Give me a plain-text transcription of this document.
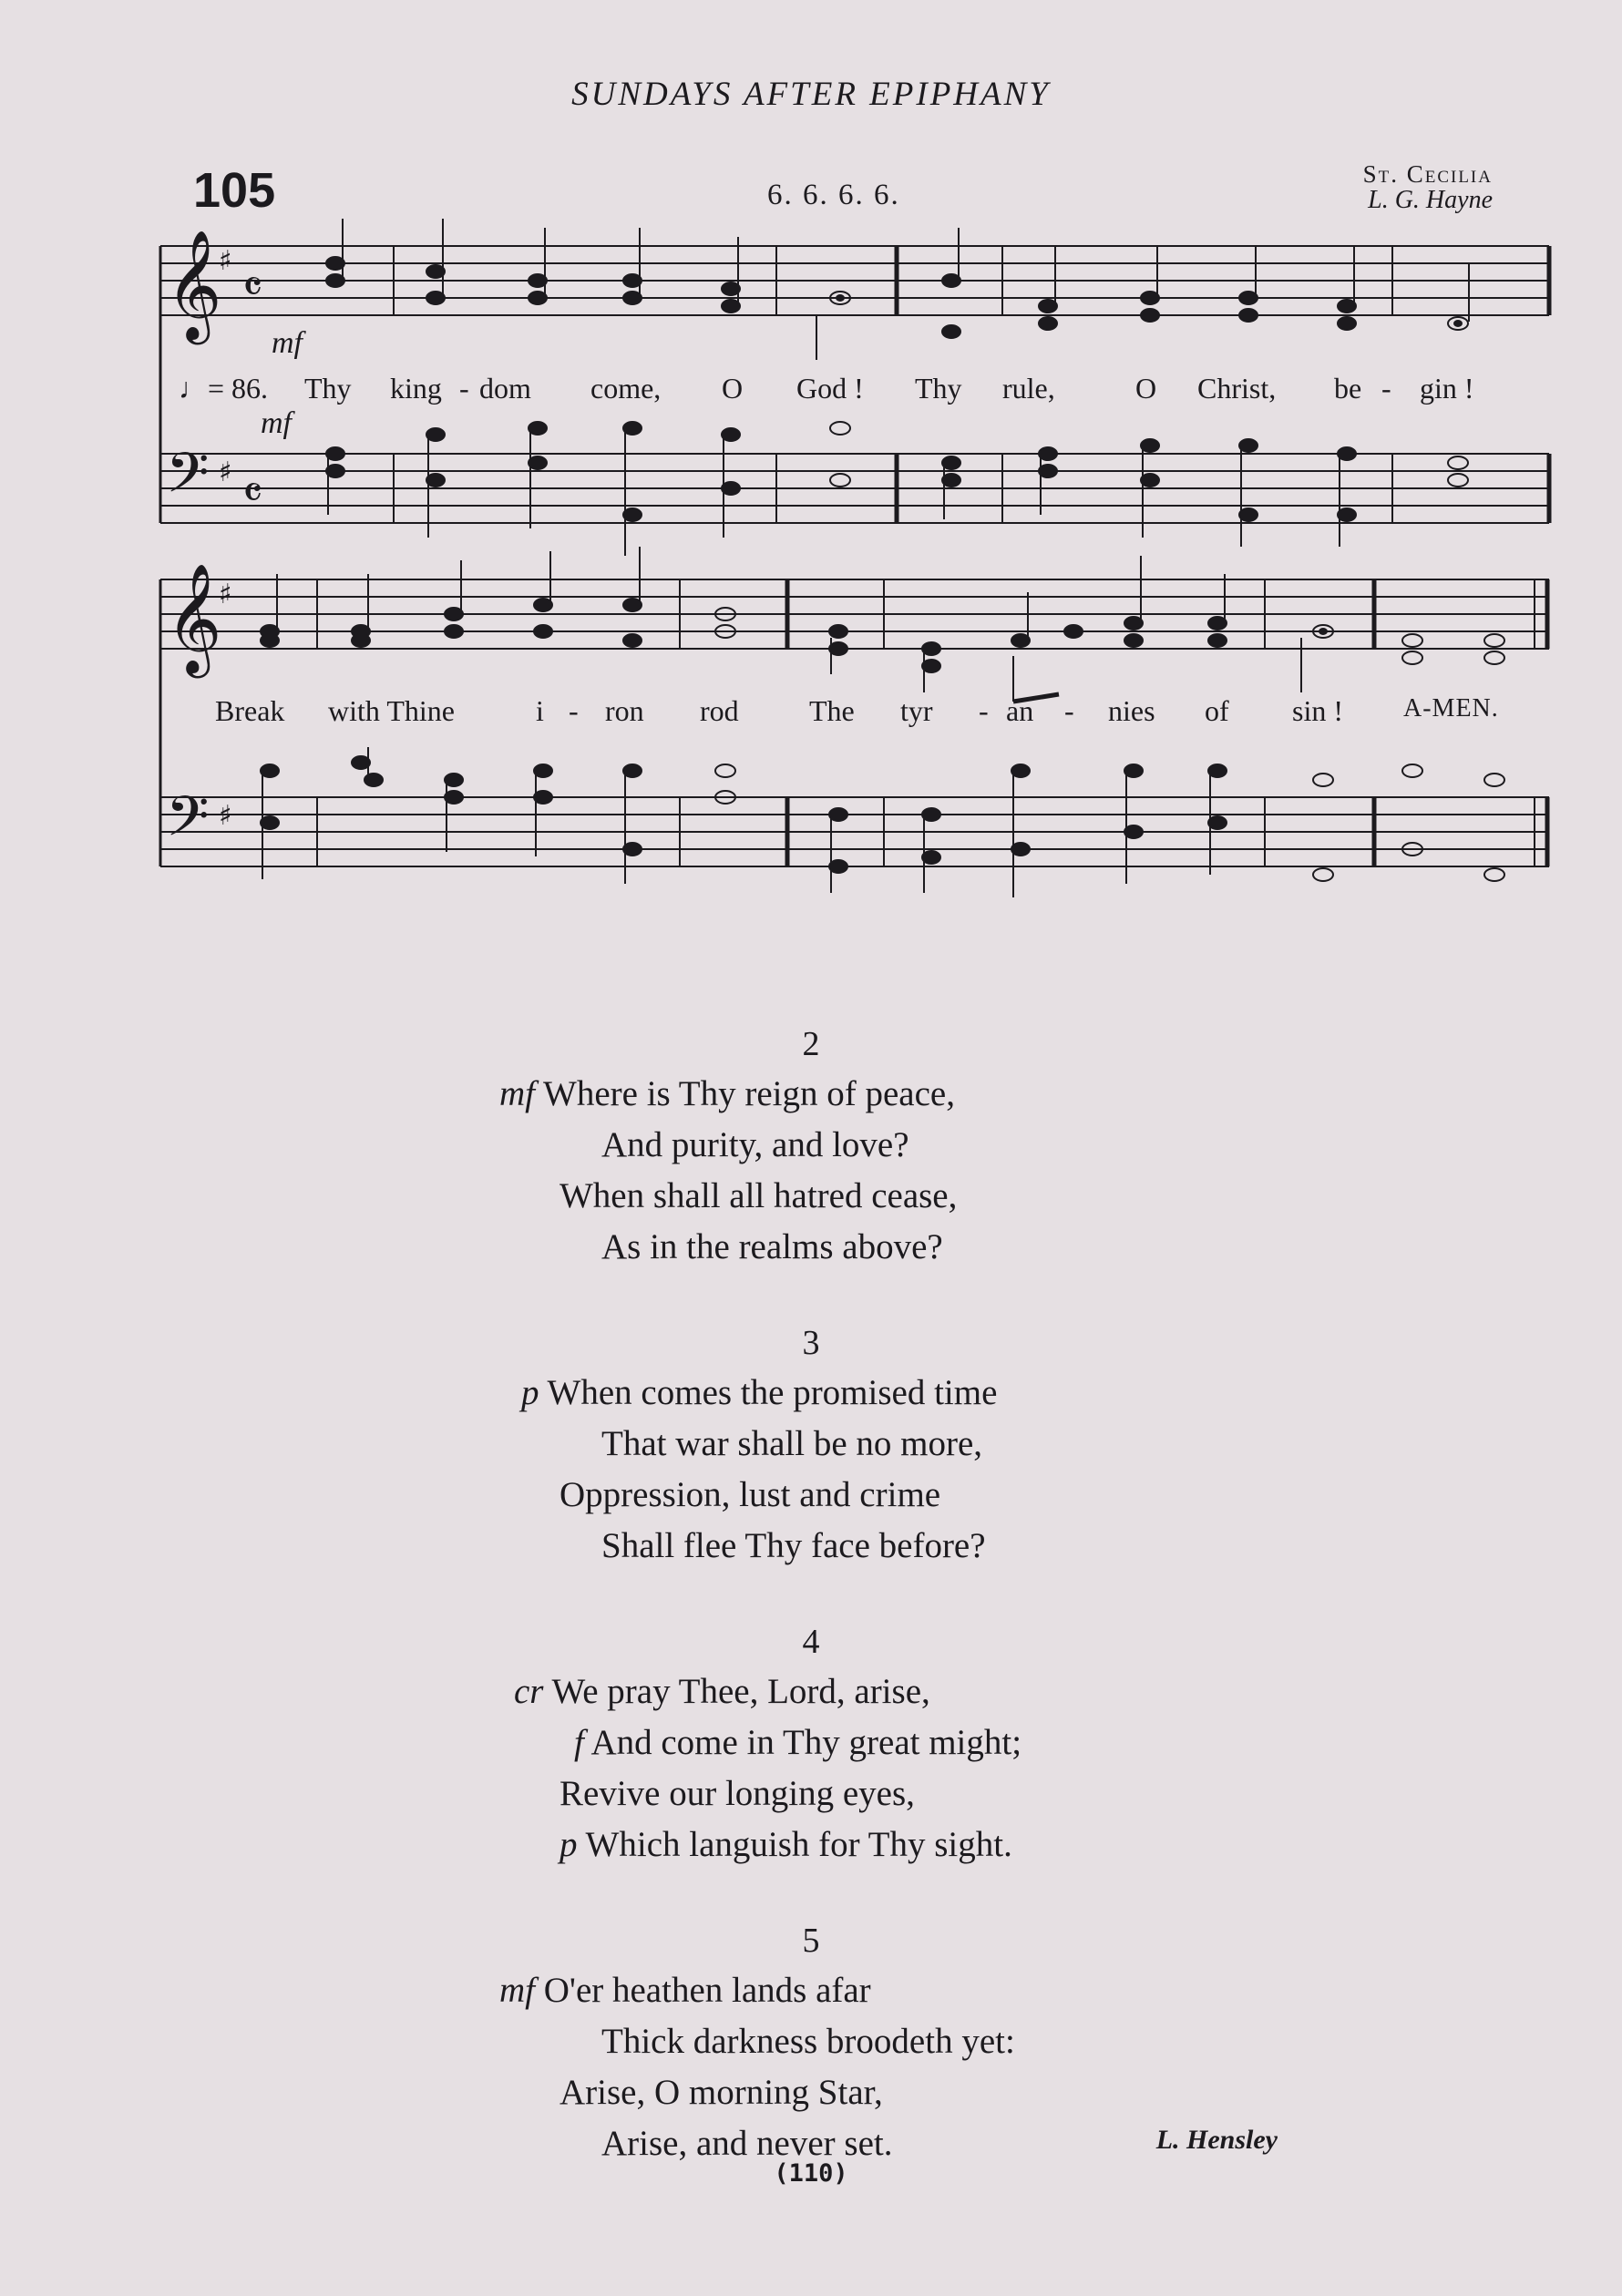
SUNDAYS AFTER EPIPHANY
105	6. 6. 6. 6.
St. Cecilia
L. G. Hayne
𝄞
𝄢
♯
♯
𝄴
𝄴
𝄞
𝄢
♯
♯
mf
mf
♩= 86. Thy king - dom come, O God ! Thy rule,	O Christ, be - gin !
Break with Thine	i - ron rod The tyr - an - nies of sin ! A-MEN.
2
mf Where is Thy reign of peace,
And purity, and love?
When shall all hatred cease,
As in the realms above?
3
p When comes the promised time
That war shall be no more,
Oppression, lust and crime
Shall flee Thy face before?
4
cr We pray Thee, Lord, arise,
f And come in Thy great might;
Revive our longing eyes,
p Which languish for Thy sight.
5
mf O'er heathen lands afar
Thick darkness broodeth yet:
Arise, O morning Star,
Arise, and never set.	L. Hensley
(110)
